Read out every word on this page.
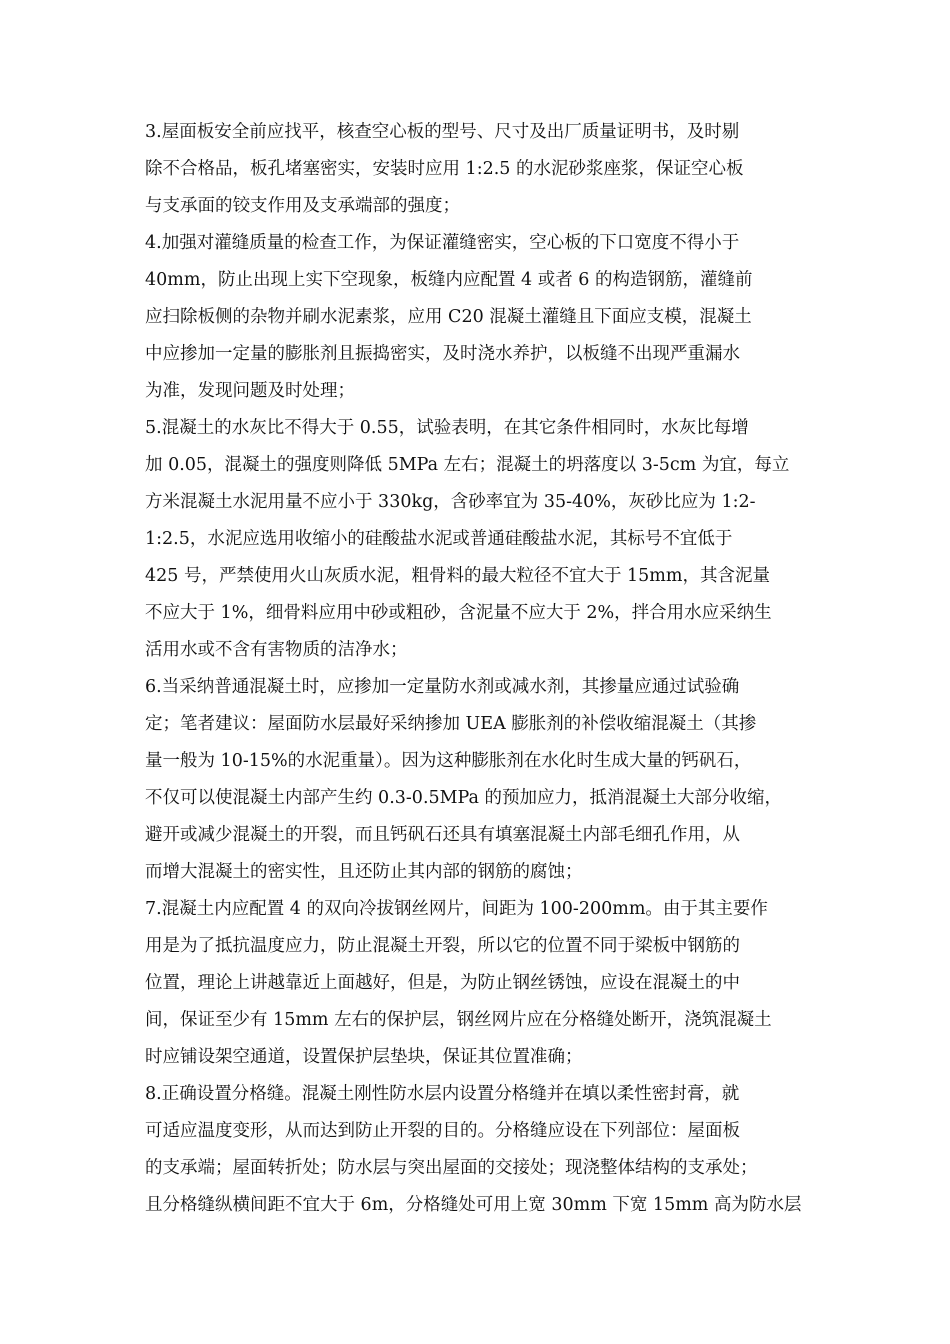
3.屋面板安全前应找平，核查空心板的型号、尺寸及出厂质量证明书，及时剔
除不合格品，板孔堵塞密实，安装时应用 1:2.5 的水泥砂浆座浆，保证空心板
与支承面的铰支作用及支承端部的强度；
4.加强对灌缝质量的检查工作，为保证灌缝密实，空心板的下口宽度不得小于
40mm，防止出现上实下空现象，板缝内应配置 4 或者 6 的构造钢筋，灌缝前
应扫除板侧的杂物并刷水泥素浆，应用 C20 混凝土灌缝且下面应支模，混凝土
中应掺加一定量的膨胀剂且振捣密实，及时浇水养护，以板缝不出现严重漏水
为准，发现问题及时处理；
5.混凝土的水灰比不得大于 0.55，试验表明，在其它条件相同时，水灰比每增
加 0.05，混凝土的强度则降低 5MPa 左右；混凝土的坍落度以 3-5cm 为宜，每立
方米混凝土水泥用量不应小于 330kg，含砂率宜为 35-40%，灰砂比应为 1:2-
1:2.5，水泥应选用收缩小的硅酸盐水泥或普通硅酸盐水泥，其标号不宜低于
425 号，严禁使用火山灰质水泥，粗骨料的最大粒径不宜大于 15mm，其含泥量
不应大于 1%，细骨料应用中砂或粗砂，含泥量不应大于 2%，拌合用水应采纳生
活用水或不含有害物质的洁净水；
6.当采纳普通混凝土时，应掺加一定量防水剂或减水剂，其掺量应通过试验确
定；笔者建议：屋面防水层最好采纳掺加 UEA 膨胀剂的补偿收缩混凝土（其掺
量一般为 10-15%的水泥重量）。因为这种膨胀剂在水化时生成大量的钙矾石，
不仅可以使混凝土内部产生约 0.3-0.5MPa 的预加应力，抵消混凝土大部分收缩，
避开或减少混凝土的开裂，而且钙矾石还具有填塞混凝土内部毛细孔作用，从
而增大混凝土的密实性，且还防止其内部的钢筋的腐蚀；
7.混凝土内应配置 4 的双向冷拔钢丝网片，间距为 100-200mm。由于其主要作
用是为了抵抗温度应力，防止混凝土开裂，所以它的位置不同于梁板中钢筋的
位置，理论上讲越靠近上面越好，但是，为防止钢丝锈蚀，应设在混凝土的中
间，保证至少有 15mm 左右的保护层，钢丝网片应在分格缝处断开，浇筑混凝土
时应铺设架空通道，设置保护层垫块，保证其位置准确；
8.正确设置分格缝。混凝土刚性防水层内设置分格缝并在填以柔性密封膏，就
可适应温度变形，从而达到防止开裂的目的。分格缝应设在下列部位：屋面板
的支承端；屋面转折处；防水层与突出屋面的交接处；现浇整体结构的支承处；
且分格缝纵横间距不宜大于 6m，分格缝处可用上宽 30mm 下宽 15mm 高为防水层
